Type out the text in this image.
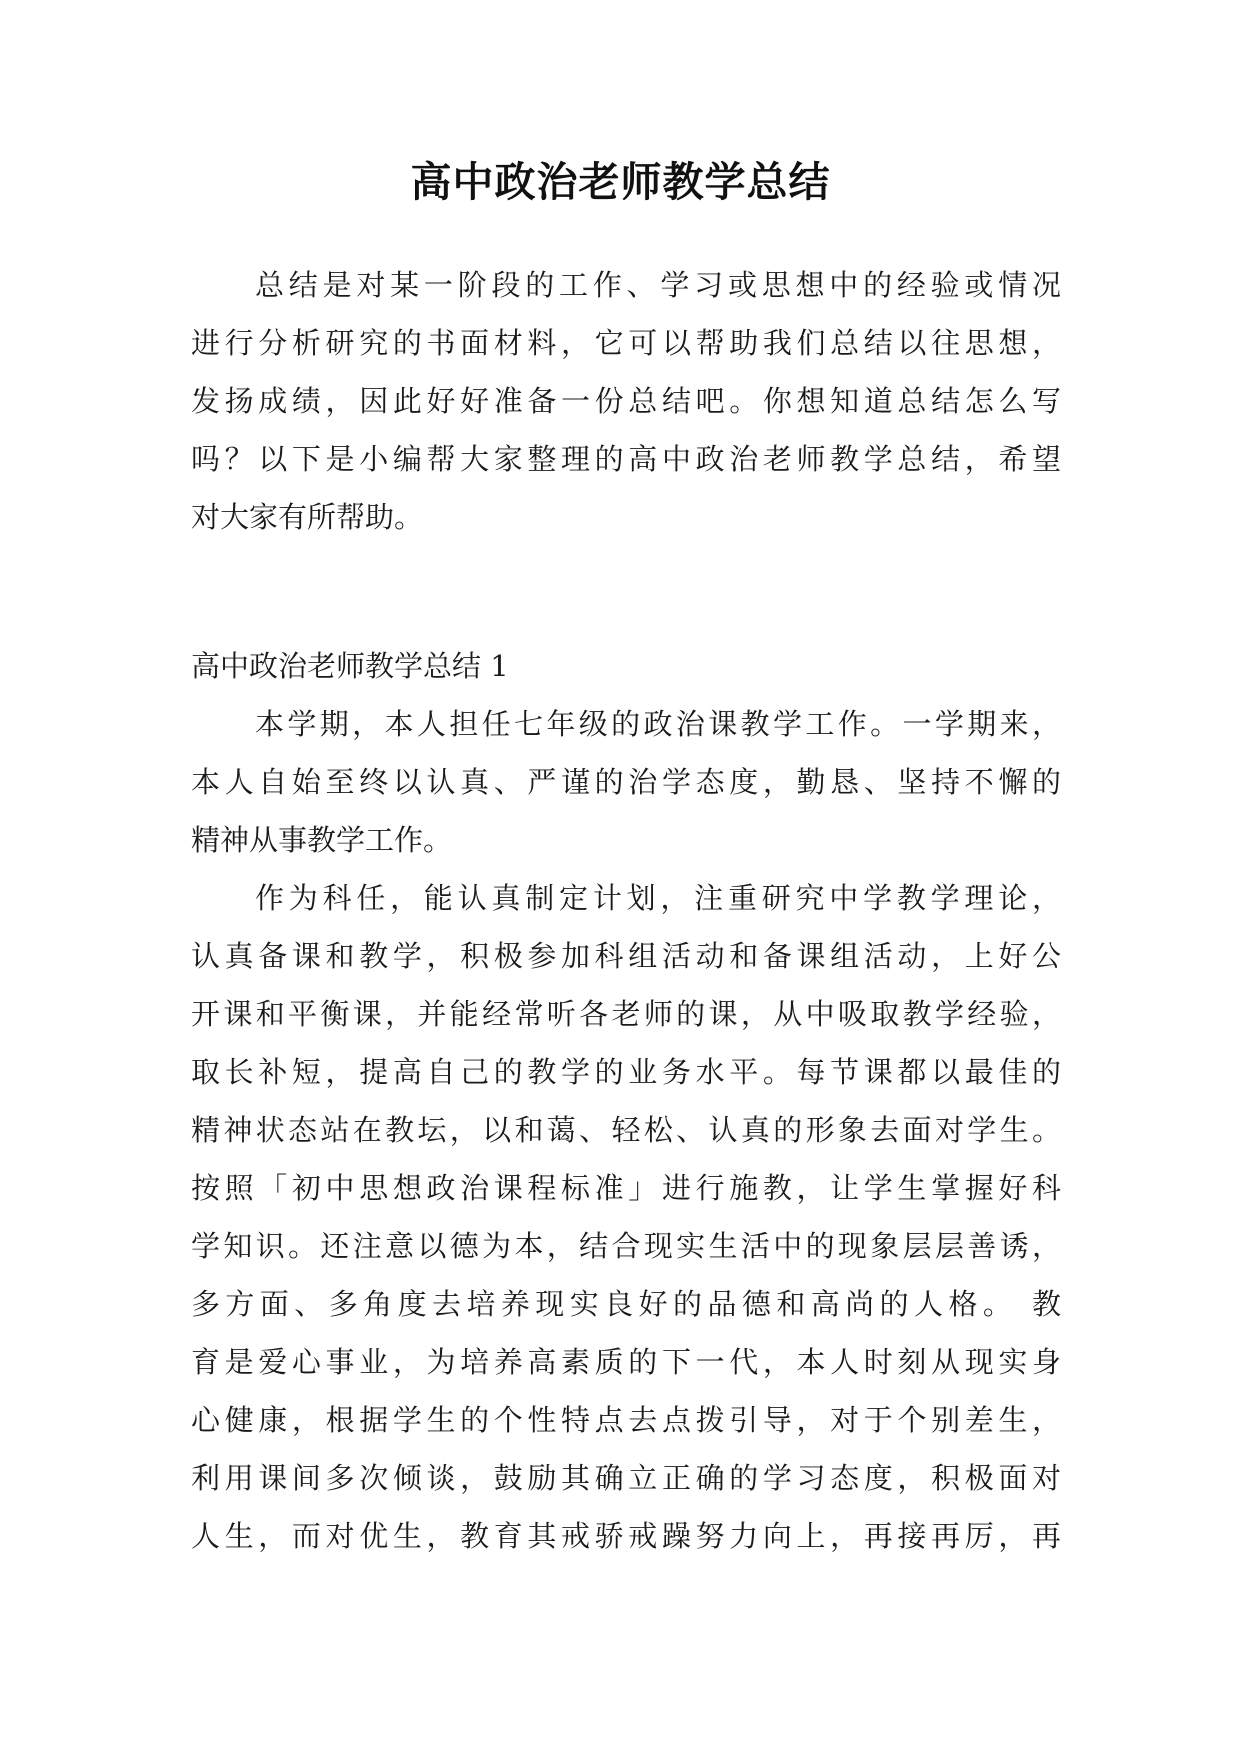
高中政治老师教学总结
总结是对某一阶段的工作、学习或思想中的经验或情况
进行分析研究的书面材料，它可以帮助我们总结以往思想，
发扬成绩，因此好好准备一份总结吧。你想知道总结怎么写
吗？以下是小编帮大家整理的高中政治老师教学总结，希望
对大家有所帮助。
高中政治老师教学总结 1
本学期，本人担任七年级的政治课教学工作。一学期来，
本人自始至终以认真、严谨的治学态度，勤恳、坚持不懈的
精神从事教学工作。
作为科任，能认真制定计划，注重研究中学教学理论，
认真备课和教学，积极参加科组活动和备课组活动，上好公
开课和平衡课，并能经常听各老师的课，从中吸取教学经验，
取长补短，提高自己的教学的业务水平。每节课都以最佳的
精神状态站在教坛，以和蔼、轻松、认真的形象去面对学生。
按照「初中思想政治课程标准」进行施教，让学生掌握好科
学知识。还注意以德为本，结合现实生活中的现象层层善诱，
多方面、多角度去培养现实良好的品德和高尚的人格。 教
育是爱心事业，为培养高素质的下一代，本人时刻从现实身
心健康，根据学生的个性特点去点拨引导，对于个别差生，
利用课间多次倾谈，鼓励其确立正确的学习态度，积极面对
人生，而对优生，教育其戒骄戒躁努力向上，再接再厉，再
